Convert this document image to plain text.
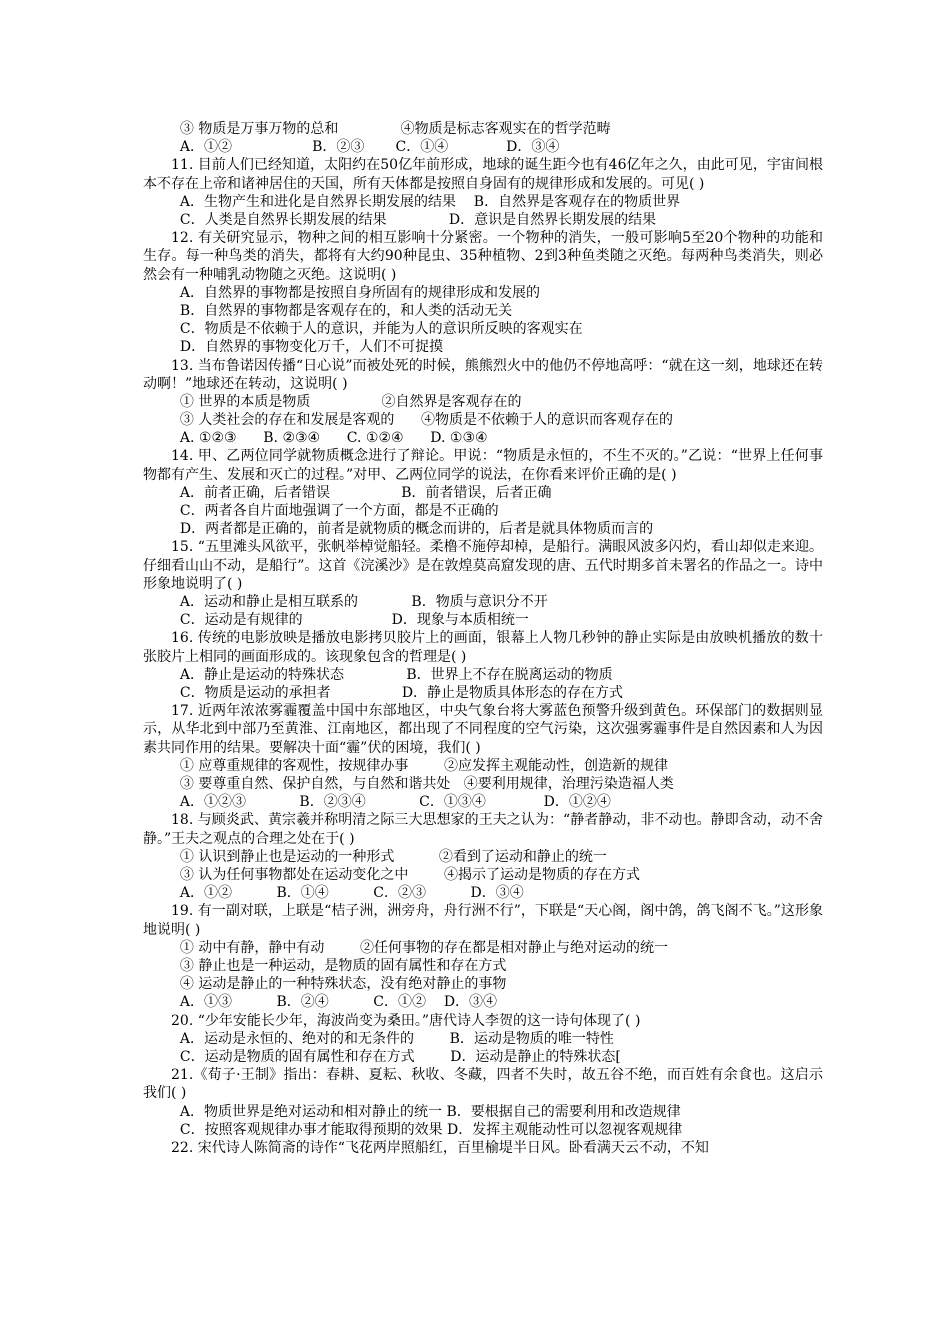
③ 物质是万事万物的总和              ④物质是标志客观实在的哲学范畴
A．①②                  B．②③       C．①④             D．③④
11. 目前人们已经知道，太阳约在50亿年前形成，地球的诞生距今也有46亿年之久，由此可见，宇宙间根本不存在上帝和诸神居住的天国，所有天体都是按照自身固有的规律形成和发展的。可见( )
A．生物产生和进化是自然界长期发展的结果    B．自然界是客观存在的物质世界
C．人类是自然界长期发展的结果              D．意识是自然界长期发展的结果
12. 有关研究显示，物种之间的相互影响十分紧密。一个物种的消失，一般可影响5至20个物种的功能和生存。每一种鸟类的消失，都将有大约90种昆虫、35种植物、2到3种鱼类随之灭绝。每两种鸟类消失，则必然会有一种哺乳动物随之灭绝。这说明( )
A．自然界的事物都是按照自身所固有的规律形成和发展的
B．自然界的事物都是客观存在的，和人类的活动无关
C．物质是不依赖于人的意识，并能为人的意识所反映的客观实在
D．自然界的事物变化万千，人们不可捉摸
13. 当布鲁诺因传播“日心说”而被处死的时候，熊熊烈火中的他仍不停地高呼：“就在这一刻，地球还在转动啊！”地球还在转动，这说明( )
① 世界的本质是物质                ②自然界是客观存在的
③ 人类社会的存在和发展是客观的      ④物质是不依赖于人的意识而客观存在的
A. ①②③      B. ②③④      C. ①②④      D. ①③④
14. 甲、乙两位同学就物质概念进行了辩论。甲说：“物质是永恒的，不生不灭的。”乙说：“世界上任何事物都有产生、发展和灭亡的过程。”对甲、乙两位同学的说法，在你看来评价正确的是( )
A．前者正确，后者错误                B．前者错误，后者正确
C．两者各自片面地强调了一个方面，都是不正确的
D．两者都是正确的，前者是就物质的概念而讲的，后者是就具体物质而言的
15. “五里滩头风欲平，张帆举棹觉船轻。柔橹不施停却棹，是船行。满眼风波多闪灼，看山却似走来迎。仔细看山山不动，是船行”。这首《浣溪沙》是在敦煌莫高窟发现的唐、五代时期多首未署名的作品之一。诗中形象地说明了( )
A．运动和静止是相互联系的            B．物质与意识分不开
C．运动是有规律的                    D．现象与本质相统一
16. 传统的电影放映是播放电影拷贝胶片上的画面，银幕上人物几秒钟的静止实际是由放映机播放的数十张胶片上相同的画面形成的。该现象包含的哲理是( )
A．静止是运动的特殊状态              B．世界上不存在脱离运动的物质
C．物质是运动的承担者                D．静止是物质具体形态的存在方式
17. 近两年浓浓雾霾覆盖中国中东部地区，中央气象台将大雾蓝色预警升级到黄色。环保部门的数据则显示，从华北到中部乃至黄淮、江南地区，都出现了不同程度的空气污染，这次强雾霾事件是自然因素和人为因素共同作用的结果。要解决十面“霾”伏的困境，我们( )
① 应尊重规律的客观性，按规律办事        ②应发挥主观能动性，创造新的规律
③ 要尊重自然、保护自然，与自然和谐共处   ④要利用规律，治理污染造福人类
A．①②③            B．②③④            C．①③④             D．①②④
18. 与顾炎武、黄宗羲并称明清之际三大思想家的王夫之认为：“静者静动，非不动也。静即含动，动不舍静。”王夫之观点的合理之处在于( )
① 认识到静止也是运动的一种形式          ②看到了运动和静止的统一
③ 认为任何事物都处在运动变化之中        ④揭示了运动是物质的存在方式
A．①②          B．①④          C．②③          D．③④
19. 有一副对联，上联是“桔子洲，洲旁舟，舟行洲不行”，下联是“天心阁，阁中鸽，鸽飞阁不飞。”这形象地说明( )
① 动中有静，静中有动        ②任何事物的存在都是相对静止与绝对运动的统一
③ 静止也是一种运动，是物质的固有属性和存在方式
④ 运动是静止的一种特殊状态，没有绝对静止的事物
A．①③          B．②④          C．①②    D．③④
20. “少年安能长少年，海波尚变为桑田。”唐代诗人李贺的这一诗句体现了( )
A．运动是永恒的、绝对的和无条件的        B．运动是物质的唯一特性
C．运动是物质的固有属性和存在方式        D．运动是静止的特殊状态[
21.《荀子·王制》指出：春耕、夏耘、秋收、冬藏，四者不失时，故五谷不绝，而百姓有余食也。这启示我们( )
A．物质世界是绝对运动和相对静止的统一 B．要根据自己的需要利用和改造规律
C．按照客观规律办事才能取得预期的效果 D．发挥主观能动性可以忽视客观规律
22. 宋代诗人陈简斋的诗作“飞花两岸照船红，百里榆堤半日风。卧看满天云不动，不知
